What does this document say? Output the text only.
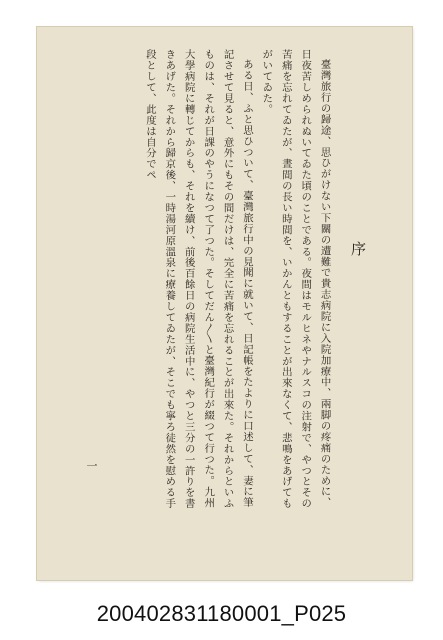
序

臺灣旅行の歸途、思ひがけない下關の遭難で貴志病院に入院加療中、兩脚の疼痛のために、日夜苦しめられぬいてゐた頃のことである。夜間はモルヒネやナルスコの注射で、やつとその苦痛を忘れてゐたが、晝間の長い時間を、いかんともすることが出來なくて、悲鳴をあげてもがいてゐた。

ある日、ふと思ひついて、臺灣旅行中の見聞に就いて、日記帳をたよりに口述して、妻に筆記させて見ると、意外にもその間だけは、完全に苦痛を忘れることが出來た。それからといふものは、それが日課のやうになつて了つた。そしてだん〳〵と臺灣紀行が綴つて行つた。九州大學病院に轉じてからも、それを續け、前後百餘日の病院生活中に、やつと三分の一許りを書きあげた。それから歸京後、一時湯河原溫泉に療養してゐたが、そこでも寧ろ徒然を慰める手段として、此度は自分でペ

一
200402831180001_P025
